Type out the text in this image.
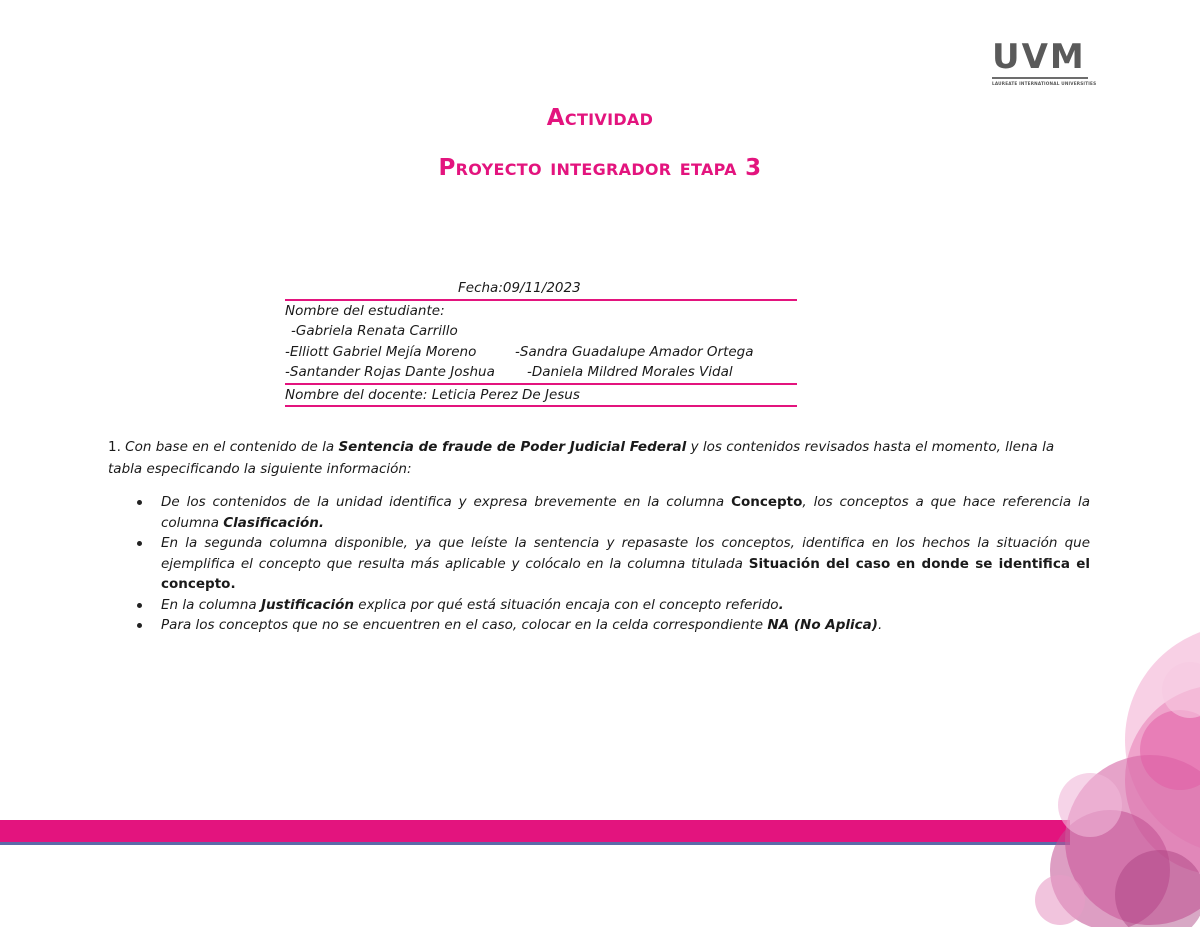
UVM
LAUREATE INTERNATIONAL UNIVERSITIES
Actividad
Proyecto integrador etapa 3
Fecha:09/11/2023
Nombre del estudiante:
-Gabriela Renata Carrillo
-Elliott Gabriel Mejía Moreno	-Sandra Guadalupe Amador Ortega
-Santander Rojas Dante Joshua -Daniela Mildred Morales Vidal
Nombre del docente: Leticia Perez De Jesus
1. Con base en el contenido de la Sentencia de fraude de Poder Judicial Federal y los contenidos revisados hasta el momento, llena la tabla especificando la siguiente información:
De los contenidos de la unidad identifica y expresa brevemente en la columna Concepto, los conceptos a que hace referencia la columna Clasificación.
En la segunda columna disponible, ya que leíste la sentencia y repasaste los conceptos, identifica en los hechos la situación que ejemplifica el concepto que resulta más aplicable y colócalo en la columna titulada Situación del caso en donde se identifica el concepto.
En la columna Justificación explica por qué está situación encaja con el concepto referido.
Para los conceptos que no se encuentren en el caso, colocar en la celda correspondiente NA (No Aplica).
